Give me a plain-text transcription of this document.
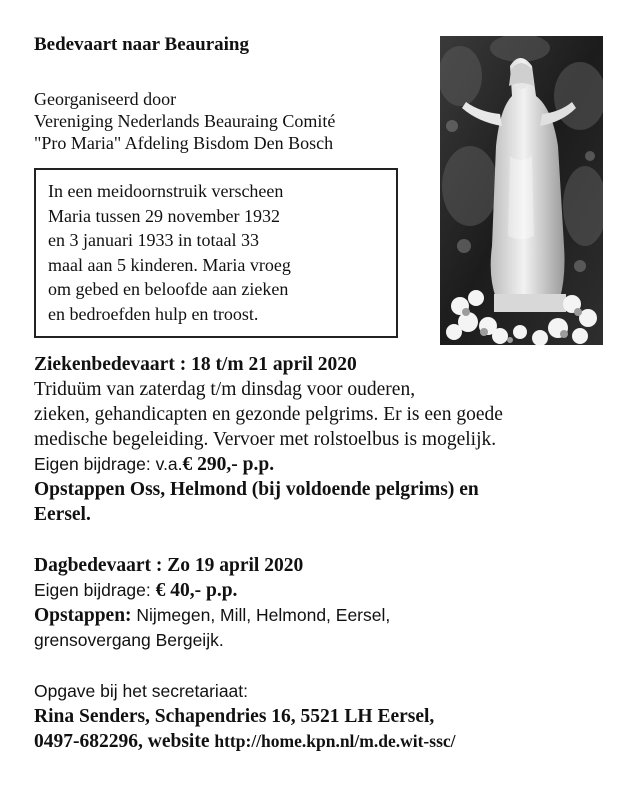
Bedevaart naar Beauraing
Georganiseerd door
Vereniging Nederlands Beauraing Comité
"Pro Maria" Afdeling Bisdom Den Bosch
In een meidoornstruik verscheen
Maria tussen 29 november 1932
en 3 januari 1933 in totaal 33
maal aan 5 kinderen. Maria vroeg
om gebed en beloofde aan zieken
en bedroefden hulp en troost.
Ziekenbedevaart : 18 t/m 21 april 2020
Triduüm van zaterdag t/m dinsdag voor ouderen,
zieken, gehandicapten en gezonde pelgrims. Er is een goede
medische begeleiding. Vervoer met rolstoelbus is mogelijk.
Eigen bijdrage: v.a.€ 290,- p.p.
Opstappen Oss, Helmond (bij voldoende pelgrims) en
Eersel.
Dagbedevaart : Zo 19 april 2020
Eigen bijdrage: € 40,- p.p.
Opstappen: Nijmegen, Mill, Helmond, Eersel,
grensovergang Bergeijk.
Opgave bij het secretariaat:
Rina Senders, Schapendries 16, 5521 LH Eersel,
0497-682296, website http://home.kpn.nl/m.de.wit-ssc/
